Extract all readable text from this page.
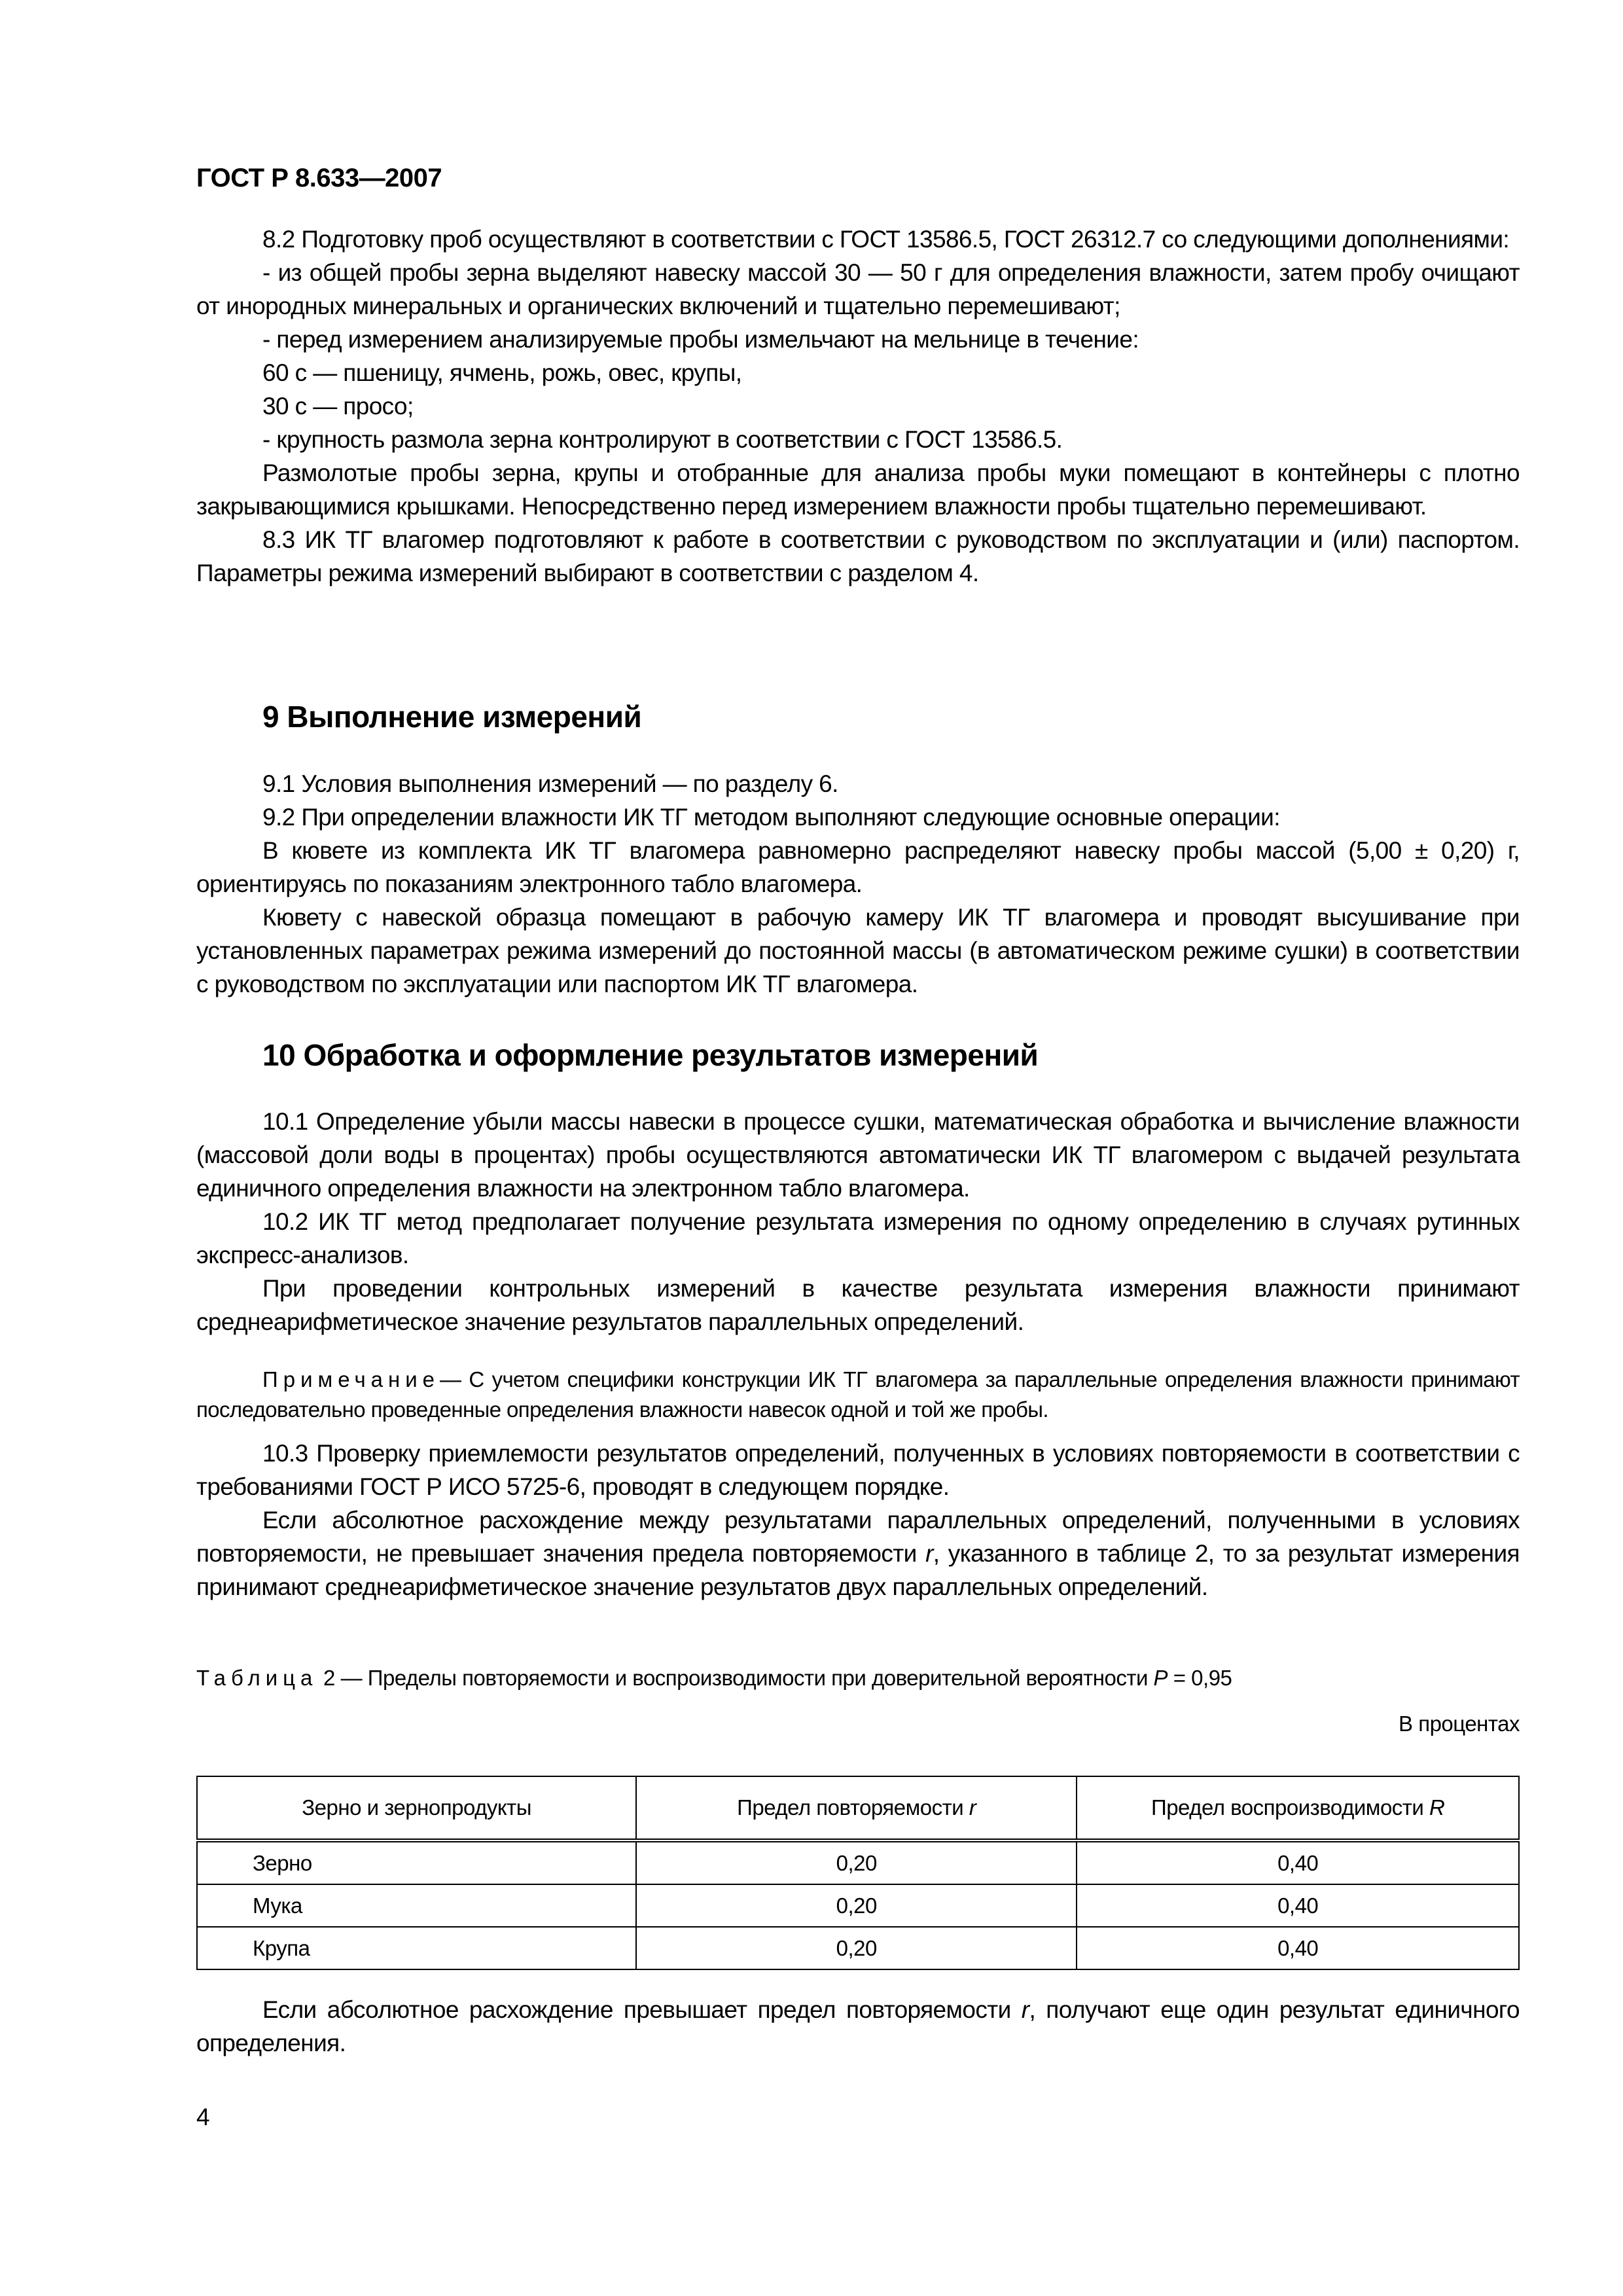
ГОСТ Р 8.633—2007

8.2 Подготовку проб осуществляют в соответствии с ГОСТ 13586.5, ГОСТ 26312.7 со следующими дополнениями:

- из общей пробы зерна выделяют навеску массой 30 — 50 г для определения влажности, затем пробу очищают от инородных минеральных и органических включений и тщательно перемешивают;

- перед измерением анализируемые пробы измельчают на мельнице в течение:

60 с — пшеницу, ячмень, рожь, овес, крупы,

30 с — просо;

- крупность размола зерна контролируют в соответствии с ГОСТ 13586.5.

Размолотые пробы зерна, крупы и отобранные для анализа пробы муки помещают в контейнеры с плотно закрывающимися крышками. Непосредственно перед измерением влажности пробы тщательно перемешивают.

8.3 ИК ТГ влагомер подготовляют к работе в соответствии с руководством по эксплуатации и (или) паспортом. Параметры режима измерений выбирают в соответствии с разделом 4.

9 Выполнение измерений

9.1 Условия выполнения измерений — по разделу 6.

9.2 При определении влажности ИК ТГ методом выполняют следующие основные операции:

В кювете из комплекта ИК ТГ влагомера равномерно распределяют навеску пробы массой (5,00 ± 0,20) г, ориентируясь по показаниям электронного табло влагомера.

Кювету с навеской образца помещают в рабочую камеру ИК ТГ влагомера и проводят высушивание при установленных параметрах режима измерений до постоянной массы (в автоматическом режиме сушки) в соответствии с руководством по эксплуатации или паспортом ИК ТГ влагомера.

10 Обработка и оформление результатов измерений

10.1 Определение убыли массы навески в процессе сушки, математическая обработка и вычисление влажности (массовой доли воды в процентах) пробы осуществляются автоматически ИК ТГ влагомером с выдачей результата единичного определения влажности на электронном табло влагомера.

10.2 ИК ТГ метод предполагает получение результата измерения по одному определению в случаях рутинных экспресс-анализов.

При проведении контрольных измерений в качестве результата измерения влажности принимают среднеарифметическое значение результатов параллельных определений.

Примечание— С учетом специфики конструкции ИК ТГ влагомера за параллельные определения влажности принимают последовательно проведенные определения влажности навесок одной и той же пробы.

10.3 Проверку приемлемости результатов определений, полученных в условиях повторяемости в соответствии с требованиями ГОСТ Р ИСО 5725-6, проводят в следующем порядке.

Если абсолютное расхождение между результатами параллельных определений, полученными в условиях повторяемости, не превышает значения предела повторяемости r, указанного в таблице 2, то за результат измерения принимают среднеарифметическое значение результатов двух параллельных определений.

Таблица 2 — Пределы повторяемости и воспроизводимости при доверительной вероятности P = 0,95
В процентах
Зерно и зернопродукты	Предел повторяемости r	Предел воспроизводимости R
Зерно	0,20	0,40
Мука	0,20	0,40
Крупа	0,20	0,40

Если абсолютное расхождение превышает предел повторяемости r, получают еще один результат единичного определения.

4
